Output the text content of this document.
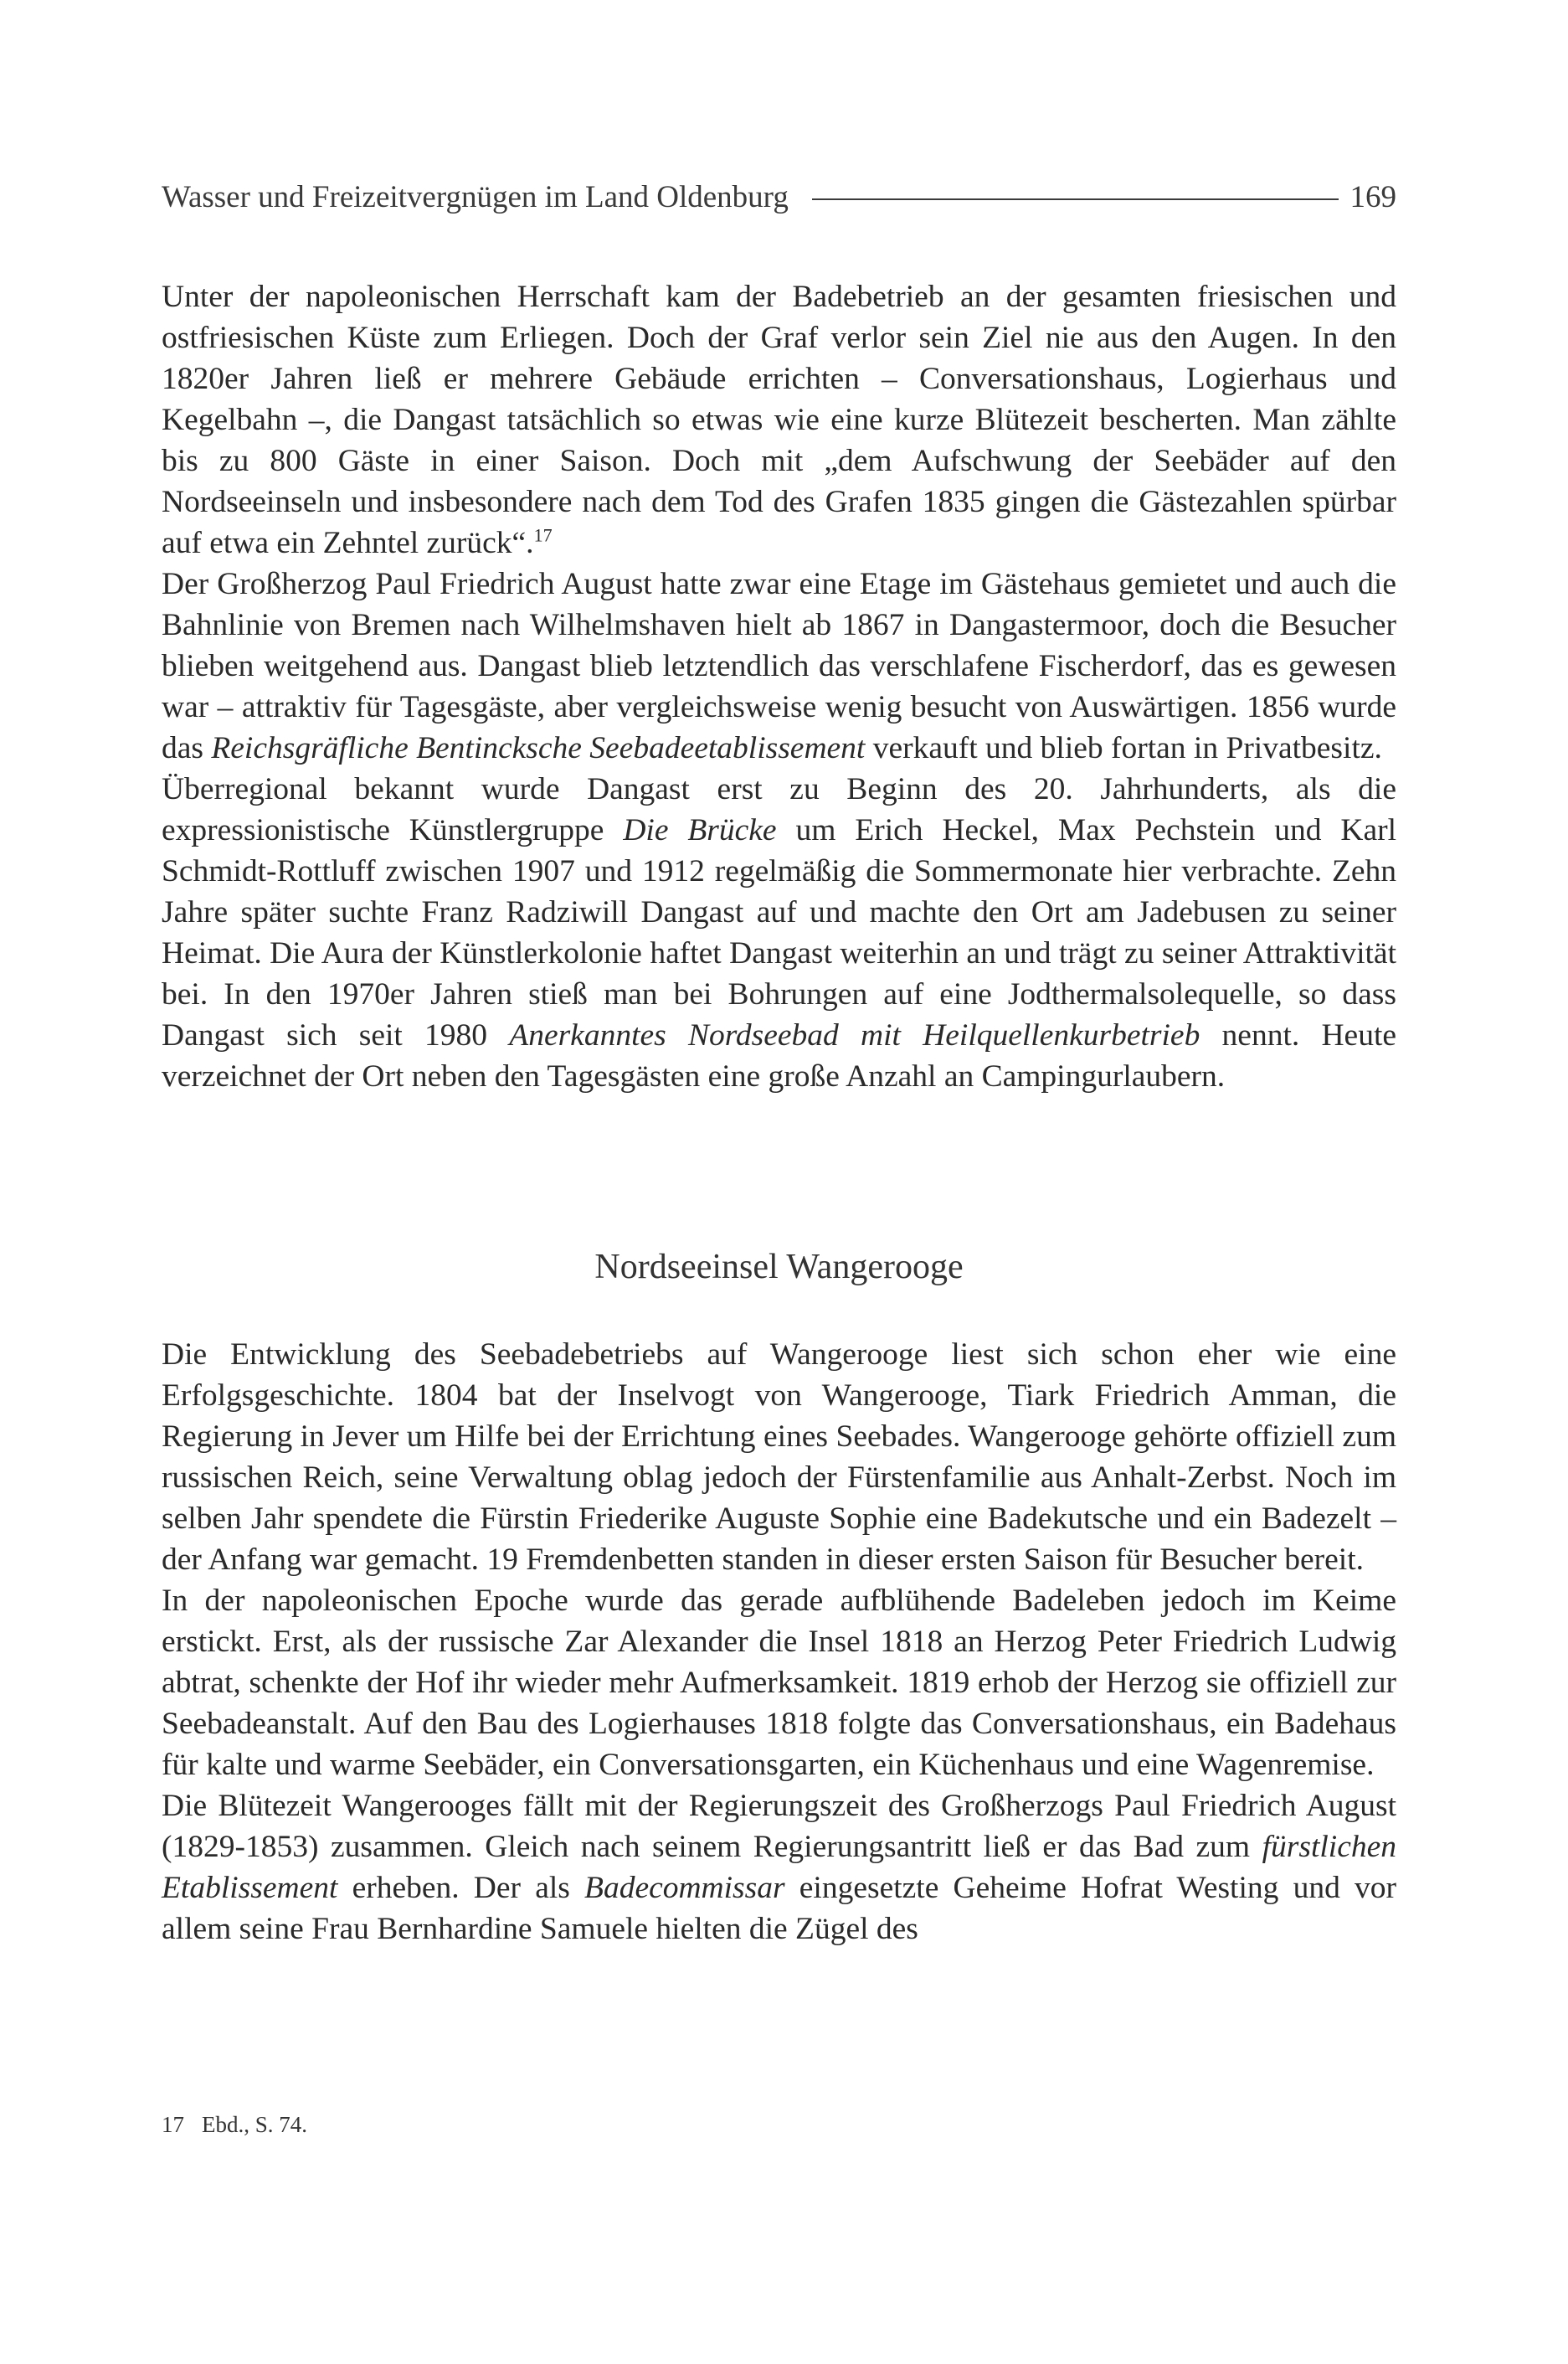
Wasser und Freizeitvergnügen im Land Oldenburg	169

Unter der napoleonischen Herrschaft kam der Badebetrieb an der gesamten friesischen und ostfriesischen Küste zum Erliegen. Doch der Graf verlor sein Ziel nie aus den Augen. In den 1820er Jahren ließ er mehrere Gebäude errichten – Conversationshaus, Logierhaus und Kegelbahn –, die Dangast tatsächlich so etwas wie eine kurze Blütezeit bescherten. Man zählte bis zu 800 Gäste in einer Saison. Doch mit „dem Aufschwung der Seebäder auf den Nordseeinseln und insbesondere nach dem Tod des Grafen 1835 gingen die Gästezahlen spürbar auf etwa ein Zehntel zurück“.$^{17}$

Der Großherzog Paul Friedrich August hatte zwar eine Etage im Gästehaus gemietet und auch die Bahnlinie von Bremen nach Wilhelmshaven hielt ab 1867 in Dangastermoor, doch die Besucher blieben weitgehend aus. Dangast blieb letztendlich das verschlafene Fischerdorf, das es gewesen war – attraktiv für Tagesgäste, aber vergleichsweise wenig besucht von Auswärtigen. 1856 wurde das Reichsgräfliche Bentincksche Seebadeetablissement verkauft und blieb fortan in Privatbesitz.

Überregional bekannt wurde Dangast erst zu Beginn des 20. Jahrhunderts, als die expressionistische Künstlergruppe Die Brücke um Erich Heckel, Max Pechstein und Karl Schmidt-Rottluff zwischen 1907 und 1912 regelmäßig die Sommermonate hier verbrachte. Zehn Jahre später suchte Franz Radziwill Dangast auf und machte den Ort am Jadebusen zu seiner Heimat. Die Aura der Künstlerkolonie haftet Dangast weiterhin an und trägt zu seiner Attraktivität bei. In den 1970er Jahren stieß man bei Bohrungen auf eine Jodthermalsolequelle, so dass Dangast sich seit 1980 Anerkanntes Nordseebad mit Heilquellenkurbetrieb nennt. Heute verzeichnet der Ort neben den Tagesgästen eine große Anzahl an Campingurlaubern.

Nordseeinsel Wangerooge

Die Entwicklung des Seebadebetriebs auf Wangerooge liest sich schon eher wie eine Erfolgsgeschichte. 1804 bat der Inselvogt von Wangerooge, Tiark Friedrich Amman, die Regierung in Jever um Hilfe bei der Errichtung eines Seebades. Wangerooge gehörte offiziell zum russischen Reich, seine Verwaltung oblag jedoch der Fürstenfamilie aus Anhalt-Zerbst. Noch im selben Jahr spendete die Fürstin Friederike Auguste Sophie eine Badekutsche und ein Badezelt – der Anfang war gemacht. 19 Fremdenbetten standen in dieser ersten Saison für Besucher bereit.

In der napoleonischen Epoche wurde das gerade aufblühende Badeleben jedoch im Keime erstickt. Erst, als der russische Zar Alexander die Insel 1818 an Herzog Peter Friedrich Ludwig abtrat, schenkte der Hof ihr wieder mehr Aufmerksamkeit. 1819 erhob der Herzog sie offiziell zur Seebadeanstalt. Auf den Bau des Logierhauses 1818 folgte das Conversationshaus, ein Badehaus für kalte und warme Seebäder, ein Conversationsgarten, ein Küchenhaus und eine Wagenremise.

Die Blütezeit Wangerooges fällt mit der Regierungszeit des Großherzogs Paul Friedrich August (1829-1853) zusammen. Gleich nach seinem Regierungsantritt ließ er das Bad zum fürstlichen Etablissement erheben. Der als Badecommissar eingesetzte Geheime Hofrat Westing und vor allem seine Frau Bernhardine Samuele hielten die Zügel des

17 Ebd., S. 74.
